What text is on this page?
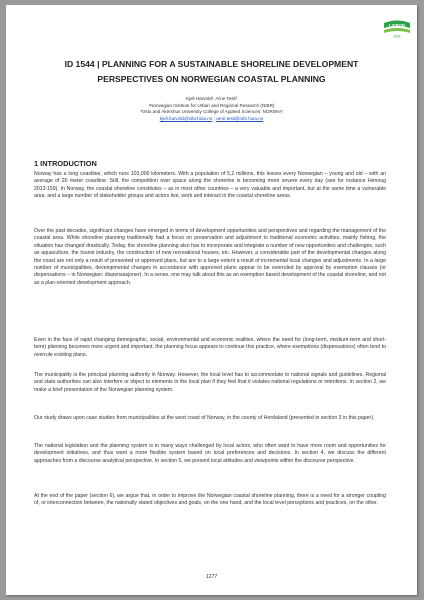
LISBON
2014
ID 1544 | PLANNING FOR A SUSTAINABLE SHORELINE DEVELOPMENT
PERSPECTIVES ON NORWEGIAN COASTAL PLANNING
Kjell Harvold¹; Arne Tesli²
¹Norwegian Institute for Urban and Regional Research (NIBR)
²Oslo and Akershus University College of Applied Sciences; NORWAY
kjell.harvold@nibr.hioa.no ; arne.tesli@nibr.hioa.no
1 INTRODUCTION

Norway has a long coastline, which runs 103,000 kilometers. With a population of 5,2 millions, this leaves every Norwegian – young and old – with an average of 20 meter coastline. Still, the competition over space along the shoreline is becoming more severe every day (see for instance Henoug 2013:159). In Norway, the coastal shoreline constitutes – as in most other countries – a very valuable and important, but at the same time a vulnerable area, and a large number of stakeholder groups and actors live, work and interact in the coastal shoreline areas.

Over the past decades, significant changes have emerged in terms of development opportunities and perspectives and regarding the management of the coastal area. While shoreline planning traditionally had a focus on preservation and adjustment to traditional economic activities, mainly fishing, the situation has changed drastically. Today, the shoreline planning also has to incorporate and integrate a number of new opportunities and challenges, such as aquaculture, the tourist industry, the construction of new recreational houses, etc. However, a considerable part of the developmental changes along the coast are not only a result of presented or approved plans, but are to a large extent a result of incremental local changes and adjustments. In a large number of municipalities, developmental changes in accordance with approved plans appear to be overruled by approval by exemption clauses (or dispensations – in Norwegian: dispensasjoner). In a sense, one may talk about this as an exemption based development of the coastal shoreline, and not as a plan-oriented development approach.

Even in the face of rapid changing demographic, social, environmental and economic realities, where the need for (long-term, medium-term and short-term) planning becomes more urgent and important, the planning focus appears to continue this practice, where exemptions (dispensations) often tend to overrule existing plans.

The municipality is the principal planning authority in Norway. However, the local level has to accommodate to national signals and guidelines. Regional and state authorities can also interfere or object to elements in the local plan if they feel that it violates national regulations or intentions. In section 2, we make a brief presentation of the Norwegian planning system.

Our study draws upon case studies from municipalities at the west coast of Norway, in the county of Hordaland (presented in section 3 in this paper).

The national legislation and the planning system is in many ways challenged by local actors, who often want to have more room and opportunities for development initiatives, and thus want a more flexible system based on local preferences and decisions. In section 4, we discuss the different approaches from a discourse analytical perspective. In section 5, we present local attitudes and viewpoints within the discourse perspective.

At the end of the paper (section 6), we argue that, in order to improve the Norwegian coastal shoreline planning, there is a need for a stronger coupling of, or interconnection between, the nationally stated objectives and goals, on the one hand, and the local level perceptions and practices, on the other.

1277
